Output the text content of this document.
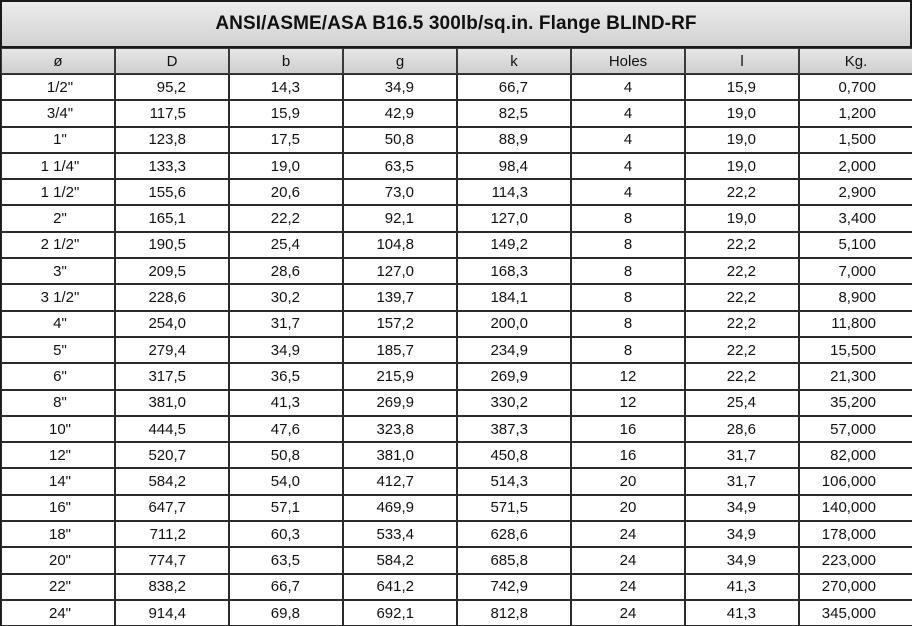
ANSI/ASME/ASA B16.5 300lb/sq.in. Flange BLIND-RF
ø	D	b	g	k	Holes	l	Kg.
1/2"	95,2	14,3	34,9	66,7	4	15,9	0,700
3/4"	117,5	15,9	42,9	82,5	4	19,0	1,200
1"	123,8	17,5	50,8	88,9	4	19,0	1,500
1 1/4"	133,3	19,0	63,5	98,4	4	19,0	2,000
1 1/2"	155,6	20,6	73,0	114,3	4	22,2	2,900
2"	165,1	22,2	92,1	127,0	8	19,0	3,400
2 1/2"	190,5	25,4	104,8	149,2	8	22,2	5,100
3"	209,5	28,6	127,0	168,3	8	22,2	7,000
3 1/2"	228,6	30,2	139,7	184,1	8	22,2	8,900
4"	254,0	31,7	157,2	200,0	8	22,2	11,800
5"	279,4	34,9	185,7	234,9	8	22,2	15,500
6"	317,5	36,5	215,9	269,9	12	22,2	21,300
8"	381,0	41,3	269,9	330,2	12	25,4	35,200
10"	444,5	47,6	323,8	387,3	16	28,6	57,000
12"	520,7	50,8	381,0	450,8	16	31,7	82,000
14"	584,2	54,0	412,7	514,3	20	31,7	106,000
16"	647,7	57,1	469,9	571,5	20	34,9	140,000
18"	711,2	60,3	533,4	628,6	24	34,9	178,000
20"	774,7	63,5	584,2	685,8	24	34,9	223,000
22"	838,2	66,7	641,2	742,9	24	41,3	270,000
24"	914,4	69,8	692,1	812,8	24	41,3	345,000
